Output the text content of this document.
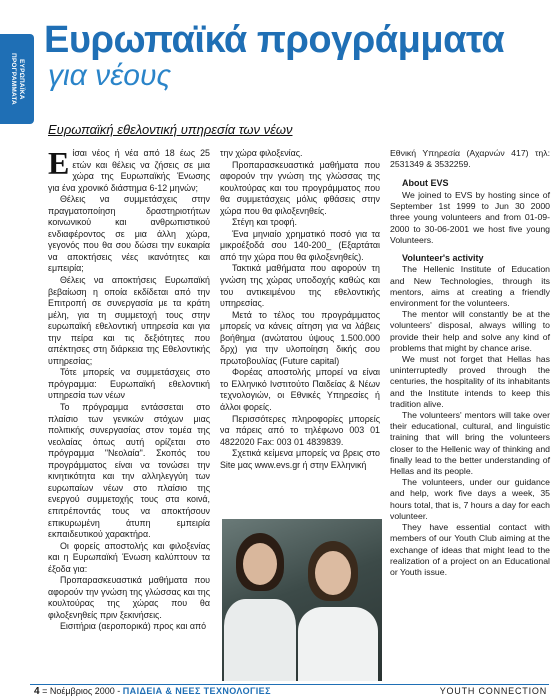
ΕΥΡΩΠΑΪΚΑ ΠΡΟΓΡΑΜΜΑΤΑ
Ευρωπαϊκά προγράμματα
για νέους
Ευρωπαϊκή εθελοντική υπηρεσία των νέων

Είσαι νέος ή νέα από 18 έως 25 ετών και θέλεις να ζήσεις σε μια χώρα της Ευρωπαϊκής Ένωσης για ένα χρονικό διάστημα 6-12 μηνών;

Θέλεις να συμμετάσχεις στην πραγματοποίηση δραστηριοτήτων κοινωνικού και ανθρωπιστικού ενδιαφέροντος σε μια άλλη χώρα, γεγονός που θα σου δώσει την ευκαιρία να αποκτήσεις νέες ικανότητες και εμπειρία;

Θέλεις να αποκτήσεις Ευρωπαϊκή βεβαίωση η οποία εκδίδεται από την Επιτροπή σε συνεργασία με τα κράτη μέλη, για τη συμμετοχή τους στην ευρωπαϊκή εθελοντική υπηρεσία και για την πείρα και τις δεξιότητες που απέκτησες στη διάρκεια της Εθελοντικής υπηρεσίας;

Τότε μπορείς να συμμετάσχεις στο πρόγραμμα: Ευρωπαϊκή εθελοντική υπηρεσία των νέων

Το πρόγραμμα εντάσσεται στο πλαίσιο των γενικών στόχων μιας πολιτικής συνεργασίας στον τομέα της νεολαίας όπως αυτή ορίζεται στο πρόγραμμα "Νεολαία". Σκοπός του προγράμματος είναι να τονώσει την κινητικότητα και την αλληλεγγύη των ευρωπαίων νέων στο πλαίσιο της ενεργού συμμετοχής τους στα κοινά, επιτρέποντάς τους να αποκτήσουν επικυρωμένη άτυπη εμπειρία εκπαιδευτικού χαρακτήρα.

Οι φορείς αποστολής και φιλοξενίας και η Ευρωπαϊκή Ένωση καλύπτουν τα έξοδα για:

Προπαρασκευαστικά μαθήματα που αφορούν την γνώση της γλώσσας και της κουλτούρας της χώρας που θα φιλοξενηθείς πριν ξεκινήσεις.

Εισιτήρια (αεροπορικά) προς και από

την χώρα φιλοξενίας.

Προπαρασκευαστικά μαθήματα που αφορούν την γνώση της γλώσσας της κουλτούρας και του προγράμματος που θα συμμετάσχεις μόλις φθάσεις στην χώρα που θα φιλοξενηθείς.

Στέγη και τροφή.

Ένα μηνιαίο χρηματικό ποσό για τα μικροέξοδά σου 140-200_ (Εξαρτάται από την χώρα που θα φιλοξενηθείς).

Τακτικά μαθήματα που αφορούν τη γνώση της χώρας υποδοχής καθώς και του αντικειμένου της εθελοντικής υπηρεσίας.

Μετά το τέλος του προγράμματος μπορείς να κάνεις αίτηση για να λάβεις βοήθημα (ανώτατου ύψους 1.500.000 δρχ) για την υλοποίηση δικής σου πρωτοβουλίας (Future capital)

Φορέας αποστολής μπορεί να είναι το Ελληνικό Ινστιτούτο Παιδείας & Νέων τεχνολογιών, οι Εθνικές Υπηρεσίες ή άλλοι φορείς.

Περισσότερες πληροφορίες μπορείς να πάρεις από το τηλέφωνο 003 01 4822020 Fax: 003 01 4839839.

Σχετικά κείμενα μπορείς να βρεις στο Site μας www.evs.gr ή στην Ελληνική

Εθνική Υπηρεσία (Αχαρνών 417) τηλ: 2531349 & 3532259.

About EVS

We joined to EVS by hosting since of September 1st 1999 to Jun 30 2000 three young volunteers and from 01-09-2000 to 30-06-2001 we host five young Volunteers.

Volunteer's activity

The Hellenic Institute of Education and New Technologies, through its mentors, aims at creating a friendly environment for the volunteers.

The mentor will constantly be at the volunteers' disposal, always willing to provide their help and solve any kind of problems that might by chance arise.

We must not forget that Hellas has uninterruptedly proved through the centuries, the hospitality of its inhabitants and the Institute intends to keep this tradition alive.

The volunteers' mentors will take over their educational, cultural, and linguistic training that will bring the volunteers closer to the Hellenic way of thinking and finally lead to the better understanding of Hellas and its people.

The volunteers, under our guidance and help, work five days a week, 35 hours total, that is, 7 hours a day for each volunteer.

They have essential contact with members of our Youth Club aiming at the exchange of ideas that might lead to the realization of a project on an Educational or Youth issue.

4 = Νοέμβριος 2000 - ΠΑΙΔΕΙΑ & ΝΕΕΣ ΤΕΧΝΟΛΟΓΙΕΣ	YOUTH CONNECTION
